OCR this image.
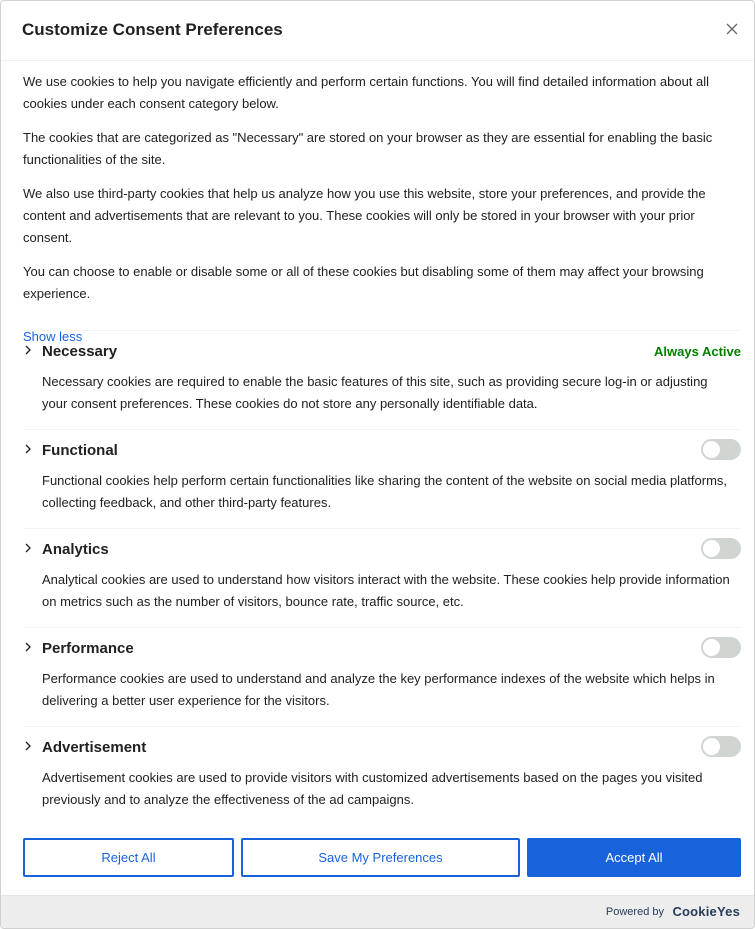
Customize Consent Preferences

We use cookies to help you navigate efficiently and perform certain functions. You will find detailed information about all cookies under each consent category below.

The cookies that are categorized as "Necessary" are stored on your browser as they are essential for enabling the basic functionalities of the site.

We also use third-party cookies that help us analyze how you use this website, store your preferences, and provide the content and advertisements that are relevant to you. These cookies will only be stored in your browser with your prior consent.

You can choose to enable or disable some or all of these cookies but disabling some of them may affect your browsing experience.

Show less
Necessary	Always Active
Necessary cookies are required to enable the basic features of this site, such as providing secure log-in or adjusting your consent preferences. These cookies do not store any personally identifiable data.
Functional
Functional cookies help perform certain functionalities like sharing the content of the website on social media platforms, collecting feedback, and other third-party features.
Analytics
Analytical cookies are used to understand how visitors interact with the website. These cookies help provide information on metrics such as the number of visitors, bounce rate, traffic source, etc.
Performance
Performance cookies are used to understand and analyze the key performance indexes of the website which helps in delivering a better user experience for the visitors.
Advertisement
Advertisement cookies are used to provide visitors with customized advertisements based on the pages you visited previously and to analyze the effectiveness of the ad campaigns.
Reject All	Save My Preferences	Accept All
Powered by CookieYes
